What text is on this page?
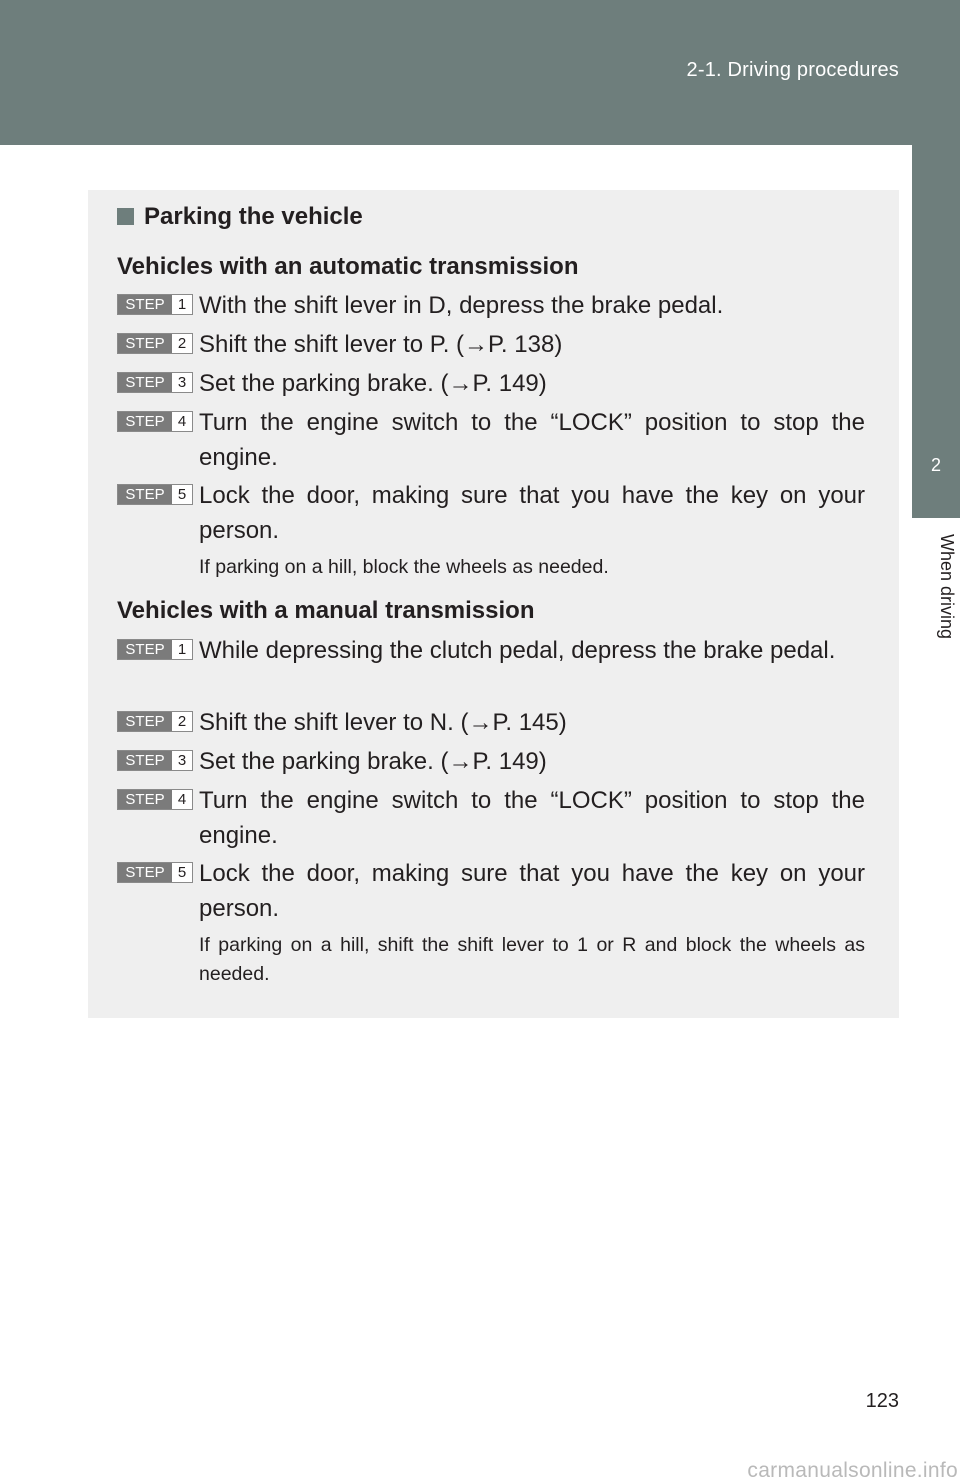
2-1. Driving procedures
2
When driving
Parking the vehicle
Vehicles with an automatic transmission
STEP 1 With the shift lever in D, depress the brake pedal.
STEP 2 Shift the shift lever to P. (→P. 138)
STEP 3 Set the parking brake. (→P. 149)
STEP 4 Turn the engine switch to the “LOCK” position to stop the engine.
STEP 5 Lock the door, making sure that you have the key on your person.
If parking on a hill, block the wheels as needed.
Vehicles with a manual transmission
STEP 1 While depressing the clutch pedal, depress the brake pedal.
STEP 2 Shift the shift lever to N. (→P. 145)
STEP 3 Set the parking brake. (→P. 149)
STEP 4 Turn the engine switch to the “LOCK” position to stop the engine.
STEP 5 Lock the door, making sure that you have the key on your person.
If parking on a hill, shift the shift lever to 1 or R and block the wheels as needed.
123
carmanualsonline.info
